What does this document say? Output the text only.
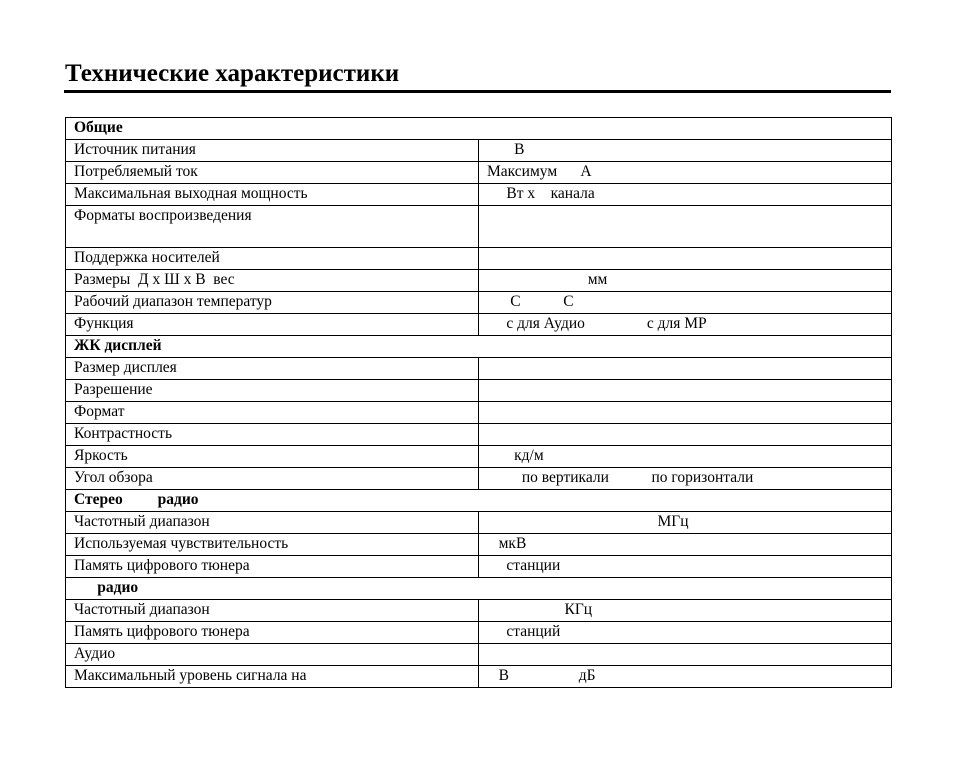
Технические характеристики
Общие	
Источник питания	В
Потребляемый ток	Максимум      А
Максимальная выходная мощность	Вт х    канала
Форматы воспроизведения	
Поддержка носителей	
Размеры  Д х Ш х В  вес	мм
Рабочий диапазон температур	С           С
Функция	с для Аудио                с для МР
ЖК дисплей	
Размер дисплея	
Разрешение	
Формат	
Контрастность	
Яркость	кд/м
Угол обзора	по вертикали           по горизонтали
Стерео         радио	
Частотный диапазон	МГц
Используемая чувствительность	мкВ
Память цифрового тюнера	станции
радио	
Частотный диапазон	КГц
Память цифрового тюнера	станций
Аудио	
Максимальный уровень сигнала на	В                  дБ
